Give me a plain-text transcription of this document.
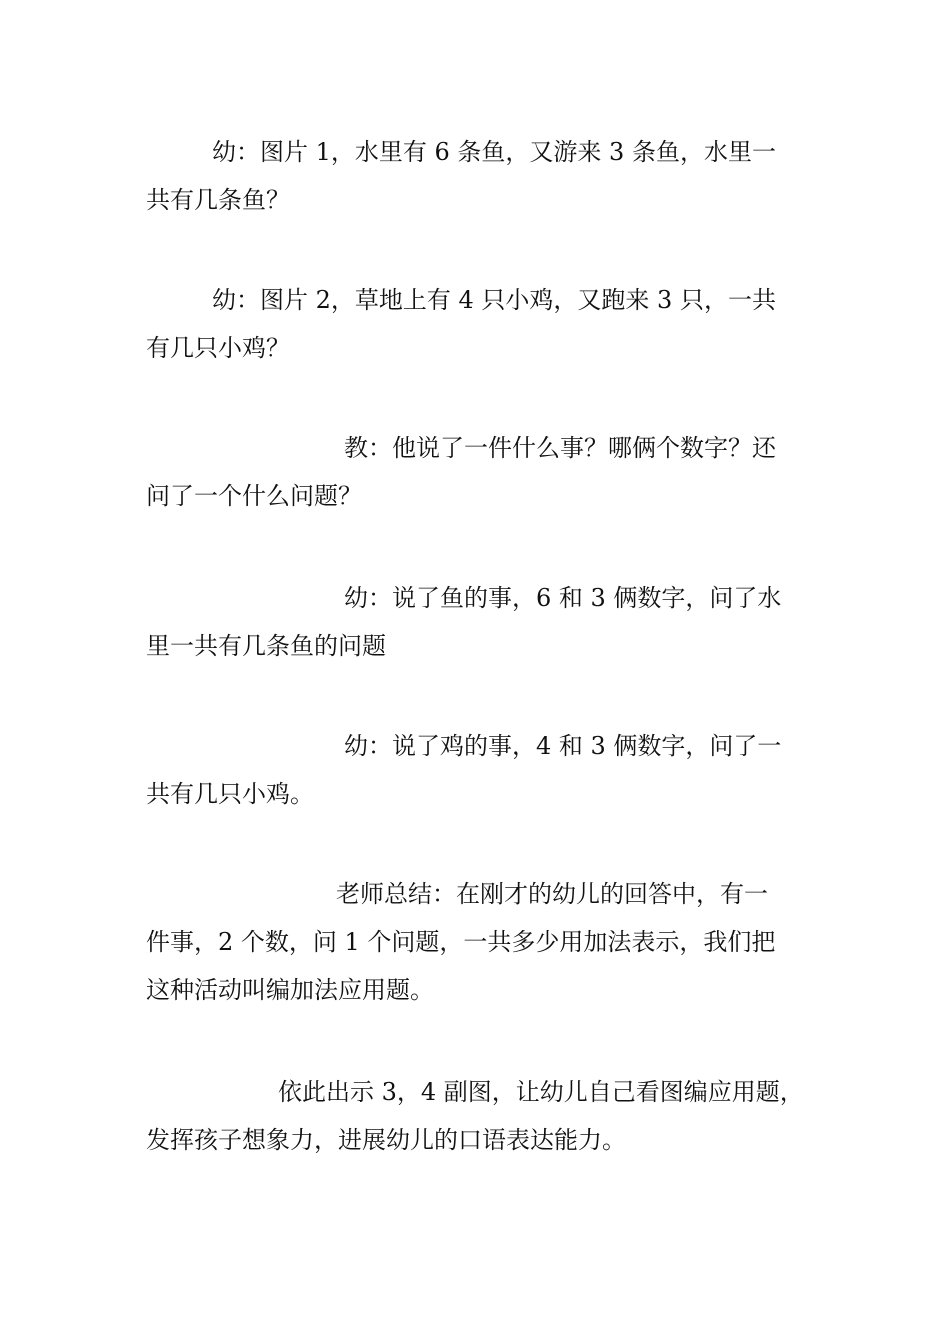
幼：图片 1，水里有 6 条鱼，又游来 3 条鱼，水里一
共有几条鱼？

幼：图片 2，草地上有 4 只小鸡，又跑来 3 只，一共
有几只小鸡？

教：他说了一件什么事？哪俩个数字？还
问了一个什么问题？

幼：说了鱼的事，6 和 3 俩数字，问了水
里一共有几条鱼的问题

幼：说了鸡的事，4 和 3 俩数字，问了一
共有几只小鸡。

老师总结：在刚才的幼儿的回答中，有一
件事，2 个数，问 1 个问题，一共多少用加法表示，我们把
这种活动叫编加法应用题。

依此出示 3，4 副图，让幼儿自己看图编应用题，
发挥孩子想象力，进展幼儿的口语表达能力。
